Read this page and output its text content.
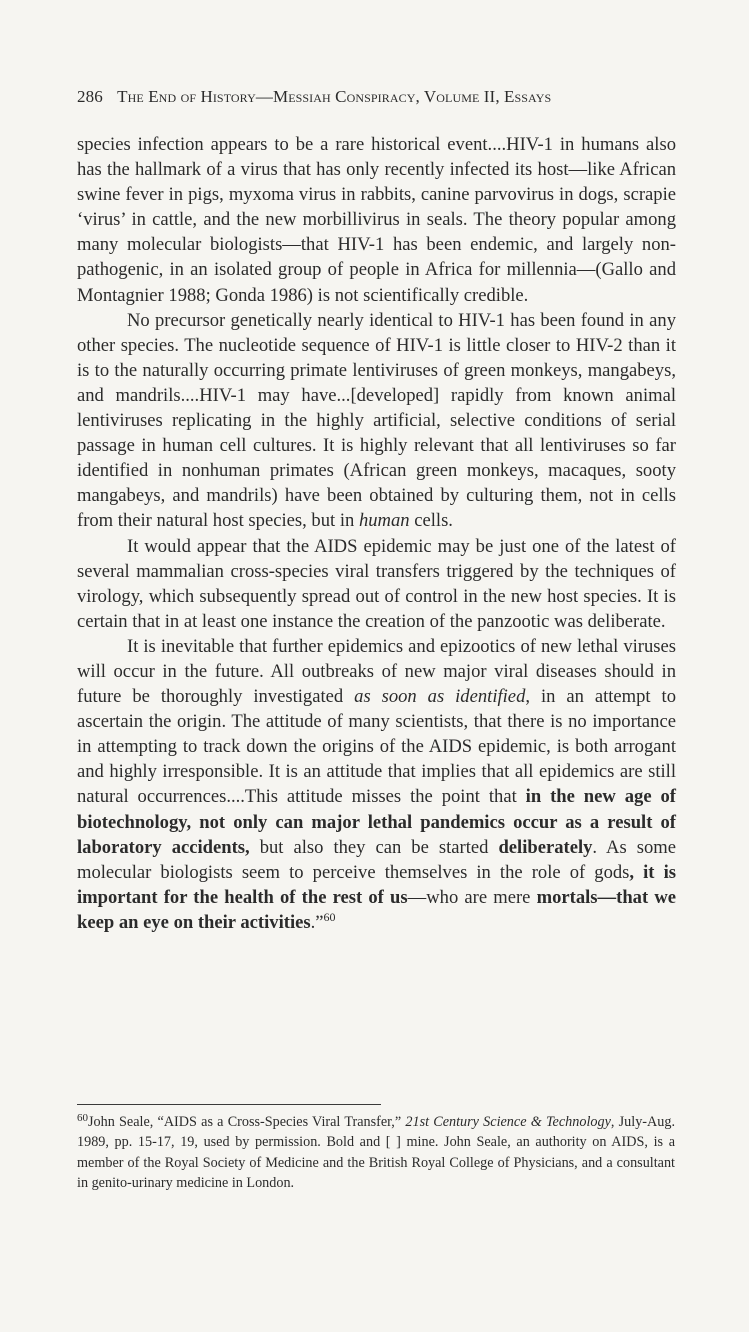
286 The End of History—Messiah Conspiracy, Volume II, Essays

species infection appears to be a rare historical event....HIV-1 in humans also has the hallmark of a virus that has only recently infected its host—like African swine fever in pigs, myxoma virus in rabbits, canine parvovirus in dogs, scrapie ‘virus’ in cattle, and the new morbillivirus in seals. The theory popular among many molecular biologists—that HIV-1 has been endemic, and largely non-pathogenic, in an isolated group of people in Africa for millennia—(Gallo and Montagnier 1988; Gonda 1986) is not scientifically credible.

No precursor genetically nearly identical to HIV-1 has been found in any other species. The nucleotide sequence of HIV-1 is little closer to HIV-2 than it is to the naturally occurring primate lentiviruses of green monkeys, mangabeys, and mandrils....HIV-1 may have...[developed] rapidly from known animal lentiviruses replicating in the highly artificial, selective conditions of serial passage in human cell cultures. It is highly relevant that all lentiviruses so far identified in nonhuman primates (African green monkeys, macaques, sooty mangabeys, and mandrils) have been obtained by culturing them, not in cells from their natural host species, but in human cells.

It would appear that the AIDS epidemic may be just one of the latest of several mammalian cross-species viral transfers triggered by the techniques of virology, which subsequently spread out of control in the new host species. It is certain that in at least one instance the creation of the panzootic was deliberate.

It is inevitable that further epidemics and epizootics of new lethal viruses will occur in the future. All outbreaks of new major viral diseases should in future be thoroughly investigated as soon as identified, in an attempt to ascertain the origin. The attitude of many scientists, that there is no importance in attempting to track down the origins of the AIDS epidemic, is both arrogant and highly irresponsible. It is an attitude that implies that all epidemics are still natural occurrences....This attitude misses the point that in the new age of biotechnology, not only can major lethal pandemics occur as a result of laboratory accidents, but also they can be started deliberately. As some molecular biologists seem to perceive themselves in the role of gods, it is important for the health of the rest of us—who are mere mortals—that we keep an eye on their activities.”$^{60}$

$^{60}$John Seale, “AIDS as a Cross-Species Viral Transfer,” 21st Century Science & Technology, July-Aug. 1989, pp. 15-17, 19, used by permission. Bold and [ ] mine. John Seale, an authority on AIDS, is a member of the Royal Society of Medicine and the British Royal College of Physicians, and a consultant in genito-urinary medicine in London.
